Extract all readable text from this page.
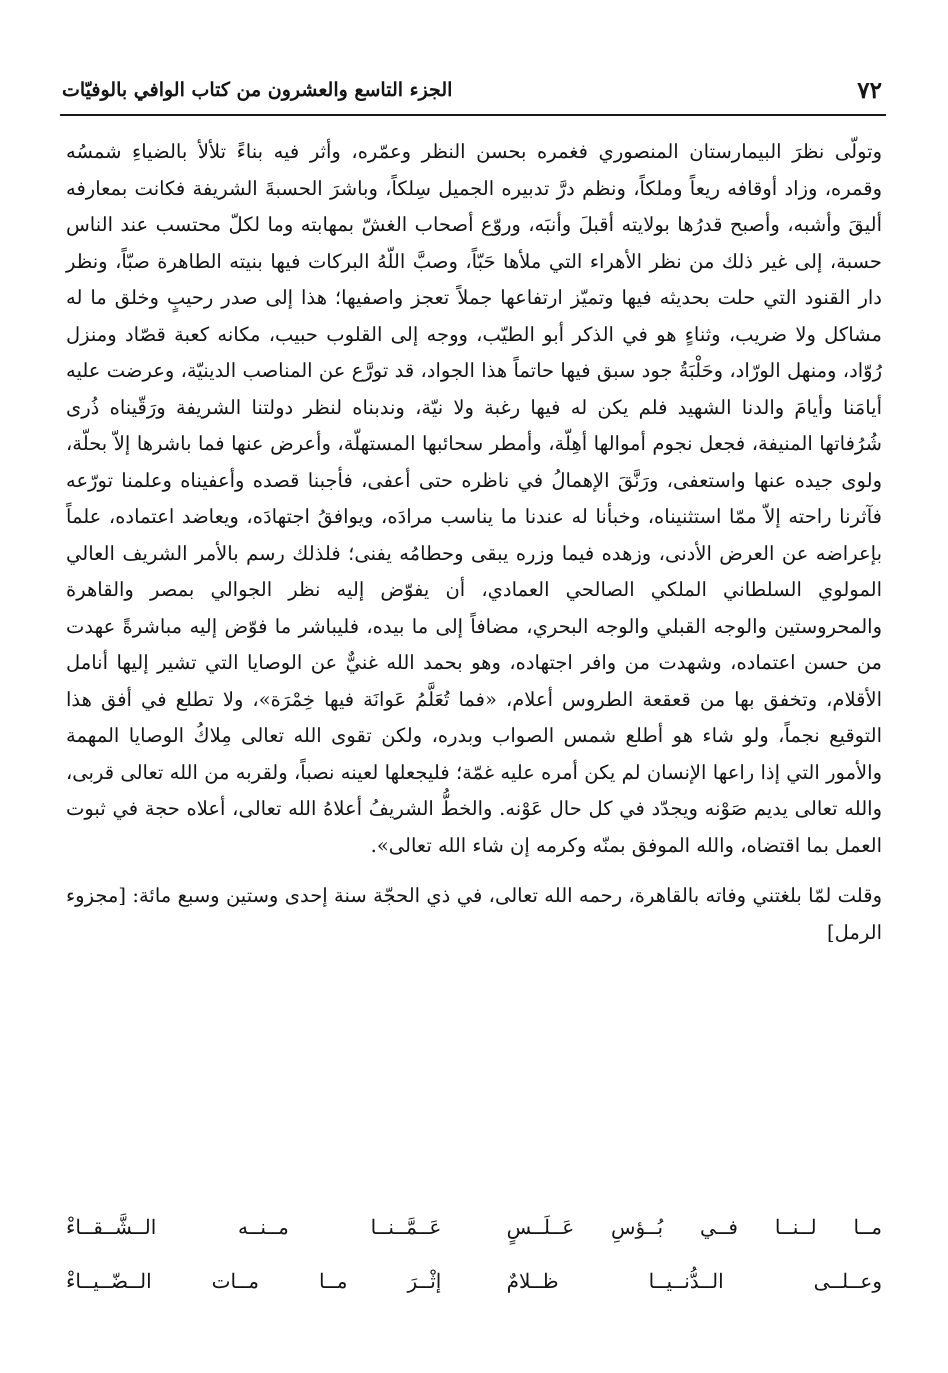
٧٢
الجزء التاسع والعشرون من كتاب الوافي بالوفيّات

وتولّى نظرَ البيمارستان المنصوري فغمره بحسن النظر وعمّره، وأثر فيه بناءً تلألأ بالضياءِ شمسُه وقمره، وزاد أوقافه ريعاً وملكاً، ونظم درَّ تدبيره الجميل سِلكاً، وباشرَ الحسبةَ الشريفة فكانت بمعارفه أليقَ وأشبه، وأصبح قدرُها بولايته أقبلَ وأنبَه، وروّع أصحاب الغشّ بمهابته وما لكلّ محتسب عند الناس حسبة، إلى غير ذلك من نظر الأهراء التي ملأها حَبّاً، وصبَّ اللّهُ البركات فيها بنيته الطاهرة صبّاً، ونظر دار القنود التي حلت بحديثه فيها وتميّز ارتفاعها جملاً تعجز واصفيها؛ هذا إلى صدر رحيبٍ وخلق ما له مشاكل ولا ضريب، وثناءٍ هو في الذكر أبو الطيّب، ووجه إلى القلوب حبيب، مكانه كعبة قصّاد ومنزل رُوّاد، ومنهل الورّاد، وحَلْبَةُ جود سبق فيها حاتماً هذا الجواد، قد تورَّع عن المناصب الدينيّة، وعرضت عليه أيامَنا وأيامَ والدنا الشهيد فلم يكن له فيها رغبة ولا نيّة، وندبناه لنظر دولتنا الشريفة ورَقّيناه ذُرى شُرُفاتها المنيفة، فجعل نجوم أموالها أهِلّة، وأمطر سحائبها المستهلّة، وأعرض عنها فما باشرها إلاّ بحلّة، ولوى جيده عنها واستعفى، ورَنَّقَ الإهمالُ في ناظره حتى أعفى، فأجبنا قصده وأعفيناه وعلمنا تورّعه فآثرنا راحته إلاّ ممّا استثنيناه، وخبأنا له عندنا ما يناسب مرادَه، ويوافقُ اجتهادَه، ويعاضد اعتماده، علماً بإعراضه عن العرض الأدنى، وزهده فيما وزره يبقى وحطامُه يفنى؛ فلذلك رسم بالأمر الشريف العالي المولوي السلطاني الملكي الصالحي العمادي، أن يفوّض إليه نظر الجوالي بمصر والقاهرة والمحروستين والوجه القبلي والوجه البحري، مضافاً إلى ما بيده، فليباشر ما فوّض إليه مباشرةً عهدت من حسن اعتماده، وشهدت من وافر اجتهاده، وهو بحمد الله غنيٌّ عن الوصايا التي تشير إليها أنامل الأقلام، وتخفق بها من قعقعة الطروس أعلام، «فما تُعَلَّمُ عَوانَة فيها خِمْرَة»، ولا تطلع في أفق هذا التوقيع نجماً، ولو شاء هو أطلع شمس الصواب وبدره، ولكن تقوى الله تعالى مِلاكُ الوصايا المهمة والأمور التي إذا راعها الإنسان لم يكن أمره عليه غمّة؛ فليجعلها لعينه نصباً، ولقربه من الله تعالى قربى، والله تعالى يديم صَوْنه ويجدّد في كل حال عَوْنه. والخطُّ الشريفُ أعلاهُ الله تعالى، أعلاه حجة في ثبوت العمل بما اقتضاه، والله الموفق بمنّه وكرمه إن شاء الله تعالى».

وقلت لمّا بلغتني وفاته بالقاهرة، رحمه الله تعالى، في ذي الحجّة سنة إحدى وستين وسبع مائة: [مجزوء الرمل]

مــا لــنــا فــي بُــؤسِ عَــلَــسٍ
عَــمَّــنــا مــنــه الــشَّــقــاءْ
وعــلــى الــدُّنــيــا ظــلامٌ
إثْــرَ مــا مــات الــضّــيــاءْ
